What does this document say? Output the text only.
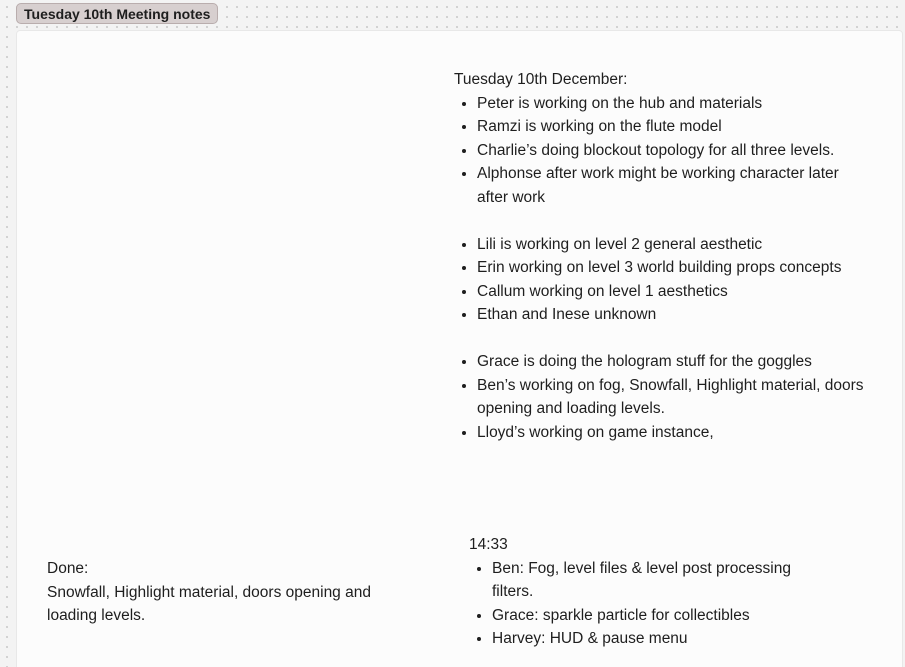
Tuesday 10th Meeting notes
Tuesday 10th December:
• Peter is working on the hub and materials
• Ramzi is working on the flute model
• Charlie’s doing blockout topology for all three levels.
• Alphonse after work might be working character later after work
• Lili is working on level 2 general aesthetic
• Erin working on level 3 world building props concepts
• Callum working on level 1 aesthetics
• Ethan and Inese unknown
• Grace is doing the hologram stuff for the goggles
• Ben’s working on fog, Snowfall, Highlight material, doors opening and loading levels.
• Lloyd’s working on game instance,
Done:
Snowfall, Highlight material, doors opening and loading levels.
14:33
• Ben: Fog, level files & level post processing filters.
• Grace: sparkle particle for collectibles
• Harvey: HUD & pause menu
